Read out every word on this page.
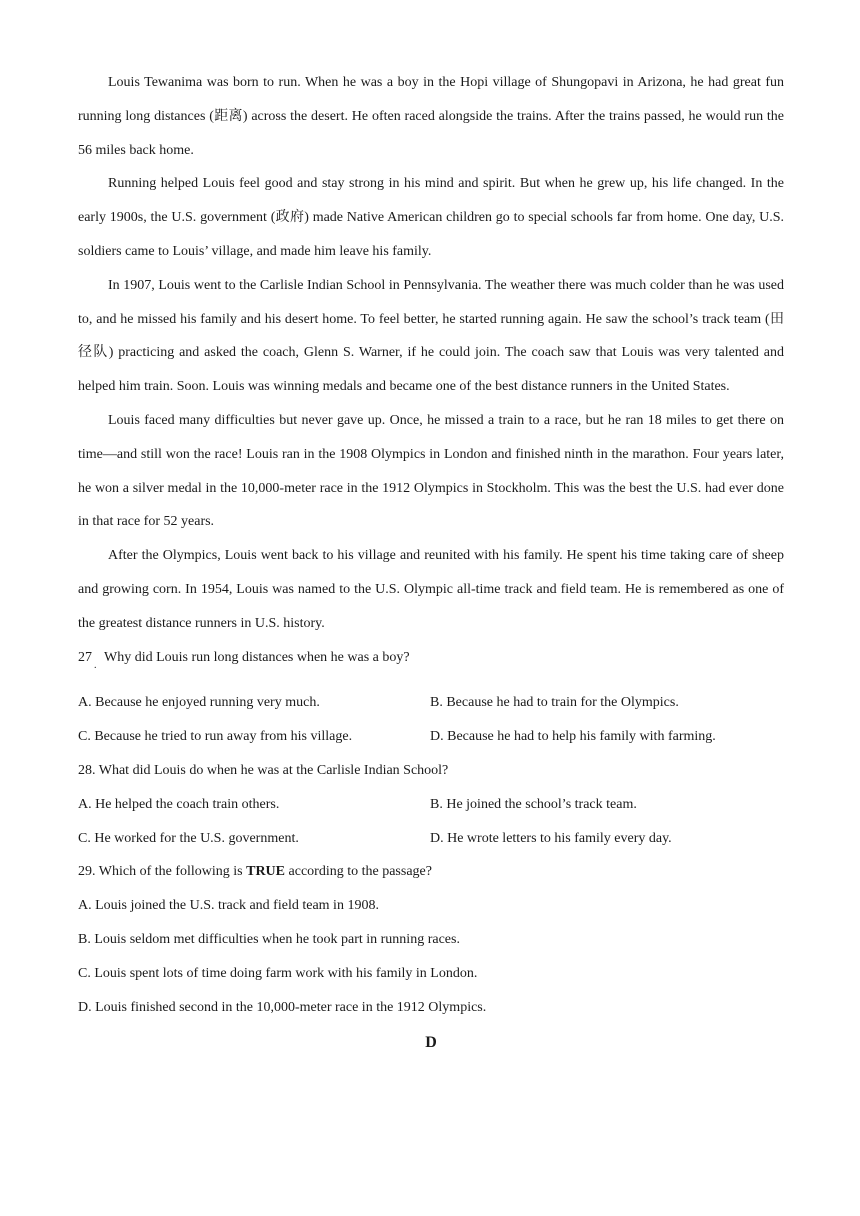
Louis Tewanima was born to run. When he was a boy in the Hopi village of Shungopavi in Arizona, he had great fun running long distances (距离) across the desert. He often raced alongside the trains. After the trains passed, he would run the 56 miles back home.

Running helped Louis feel good and stay strong in his mind and spirit. But when he grew up, his life changed. In the early 1900s, the U.S. government (政府) made Native American children go to special schools far from home. One day, U.S. soldiers came to Louis’ village, and made him leave his family.

In 1907, Louis went to the Carlisle Indian School in Pennsylvania. The weather there was much colder than he was used to, and he missed his family and his desert home. To feel better, he started running again. He saw the school’s track team (田径队) practicing and asked the coach, Glenn S. Warner, if he could join. The coach saw that Louis was very talented and helped him train. Soon. Louis was winning medals and became one of the best distance runners in the United States.

Louis faced many difficulties but never gave up. Once, he missed a train to a race, but he ran 18 miles to get there on time—and still won the race! Louis ran in the 1908 Olympics in London and finished ninth in the marathon. Four years later, he won a silver medal in the 10,000-meter race in the 1912 Olympics in Stockholm. This was the best the U.S. had ever done in that race for 52 years.

After the Olympics, Louis went back to his village and reunited with his family. He spent his time taking care of sheep and growing corn. In 1954, Louis was named to the U.S. Olympic all-time track and field team. He is remembered as one of the greatest distance runners in U.S. history.

27 Why did Louis run long distances when he was a boy?
.

A. Because he enjoyed running very much.	B. Because he had to train for the Olympics.

C. Because he tried to run away from his village.	D. Because he had to help his family with farming.

28. What did Louis do when he was at the Carlisle Indian School?

A. He helped the coach train others.	B. He joined the school’s track team.

C. He worked for the U.S. government.	D. He wrote letters to his family every day.

29. Which of the following is TRUE according to the passage?

A. Louis joined the U.S. track and field team in 1908.

B. Louis seldom met difficulties when he took part in running races.

C. Louis spent lots of time doing farm work with his family in London.

D. Louis finished second in the 10,000-meter race in the 1912 Olympics.

D
